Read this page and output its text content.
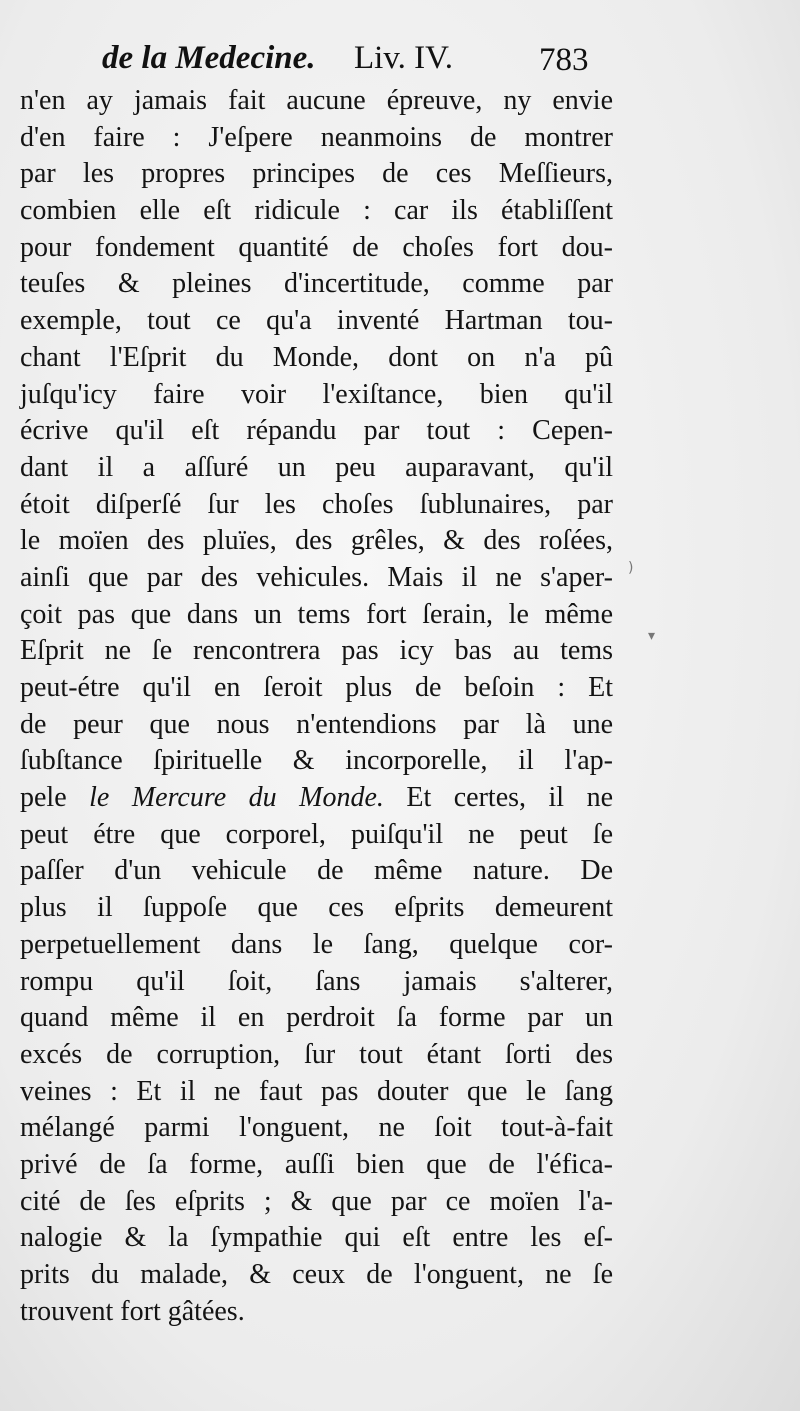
de la Medecine. Liv. IV.	783
n'en ay jamais fait aucune épreuve, ny envie
d'en faire : J'eſpere neanmoins de montrer
par les propres principes de ces Meſſieurs,
combien elle eſt ridicule : car ils établiſſent
pour fondement quantité de choſes fort dou-
teuſes & pleines d'incertitude, comme par
exemple, tout ce qu'a inventé Hartman tou-
chant l'Eſprit du Monde, dont on n'a pû
juſqu'icy faire voir l'exiſtance, bien qu'il
écrive qu'il eſt répandu par tout : Cepen-
dant il a aſſuré un peu auparavant, qu'il
étoit diſperſé ſur les choſes ſublunaires, par
le moïen des pluïes, des grêles, & des roſées,
ainſi que par des vehicules. Mais il ne s'aper-
çoit pas que dans un tems fort ſerain, le même
Eſprit ne ſe rencontrera pas icy bas au tems
peut-étre qu'il en ſeroit plus de beſoin : Et
de peur que nous n'entendions par là une
ſubſtance ſpirituelle & incorporelle, il l'ap-
pele le Mercure du Monde. Et certes, il ne
peut étre que corporel, puiſqu'il ne peut ſe
paſſer d'un vehicule de même nature. De
plus il ſuppoſe que ces eſprits demeurent
perpetuellement dans le ſang, quelque cor-
rompu qu'il ſoit, ſans jamais s'alterer,
quand même il en perdroit ſa forme par un
excés de corruption, ſur tout étant ſorti des
veines : Et il ne faut pas douter que le ſang
mélangé parmi l'onguent, ne ſoit tout-à-fait
privé de ſa forme, auſſi bien que de l'éfica-
cité de ſes eſprits ; & que par ce moïen l'a-
nalogie & la ſympathie qui eſt entre les eſ-
prits du malade, & ceux de l'onguent, ne ſe
trouvent fort gâtées.
)
▾
